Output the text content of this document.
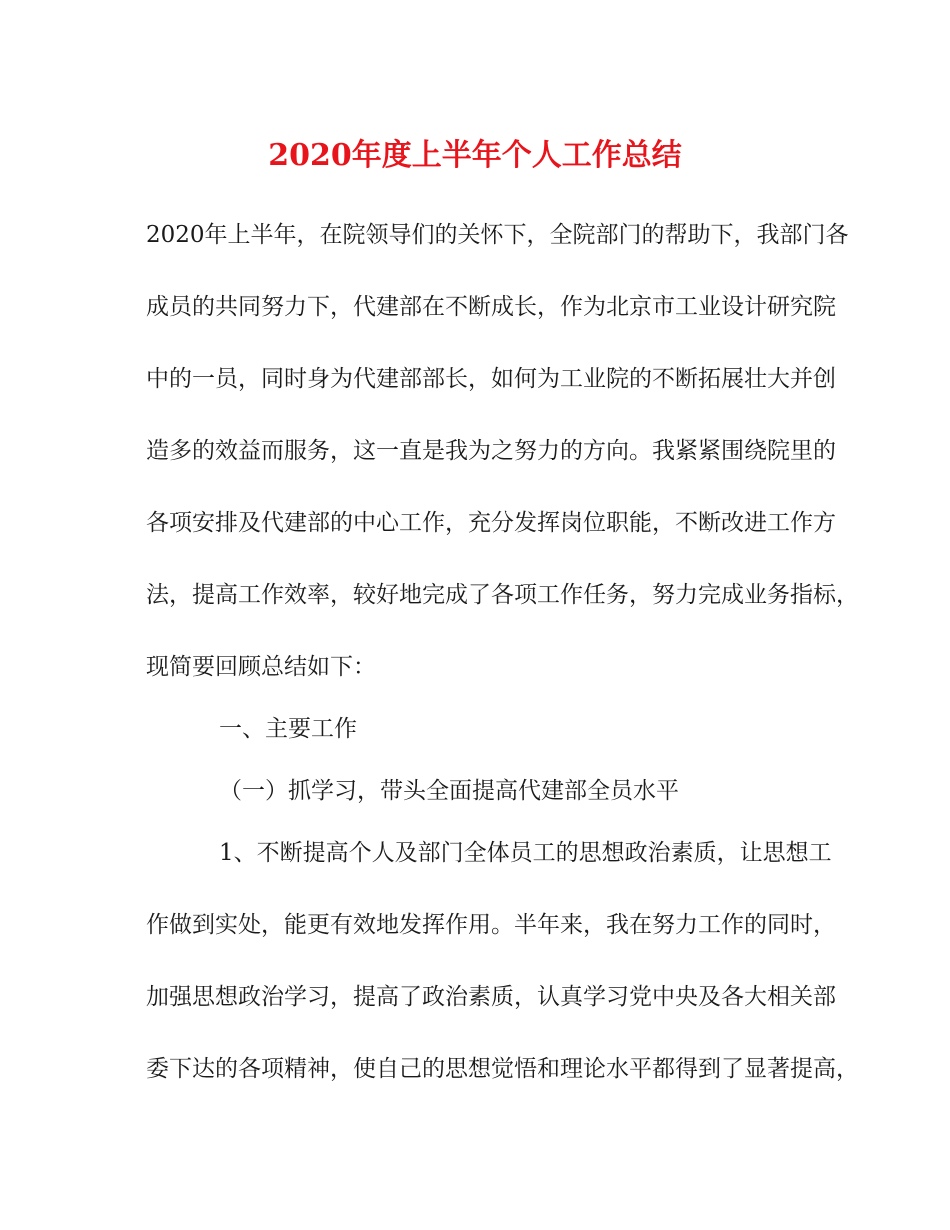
2020年度上半年个人工作总结
2020年上半年，在院领导们的关怀下，全院部门的帮助下，我部门各
成员的共同努力下，代建部在不断成长，作为北京市工业设计研究院
中的一员，同时身为代建部部长，如何为工业院的不断拓展壮大并创
造多的效益而服务，这一直是我为之努力的方向。我紧紧围绕院里的
各项安排及代建部的中心工作，充分发挥岗位职能，不断改进工作方
法，提高工作效率，较好地完成了各项工作任务，努力完成业务指标，
现简要回顾总结如下：
一、主要工作
（一）抓学习，带头全面提高代建部全员水平
1、不断提高个人及部门全体员工的思想政治素质，让思想工
作做到实处，能更有效地发挥作用。半年来，我在努力工作的同时，
加强思想政治学习，提高了政治素质，认真学习党中央及各大相关部
委下达的各项精神，使自己的思想觉悟和理论水平都得到了显著提高，
